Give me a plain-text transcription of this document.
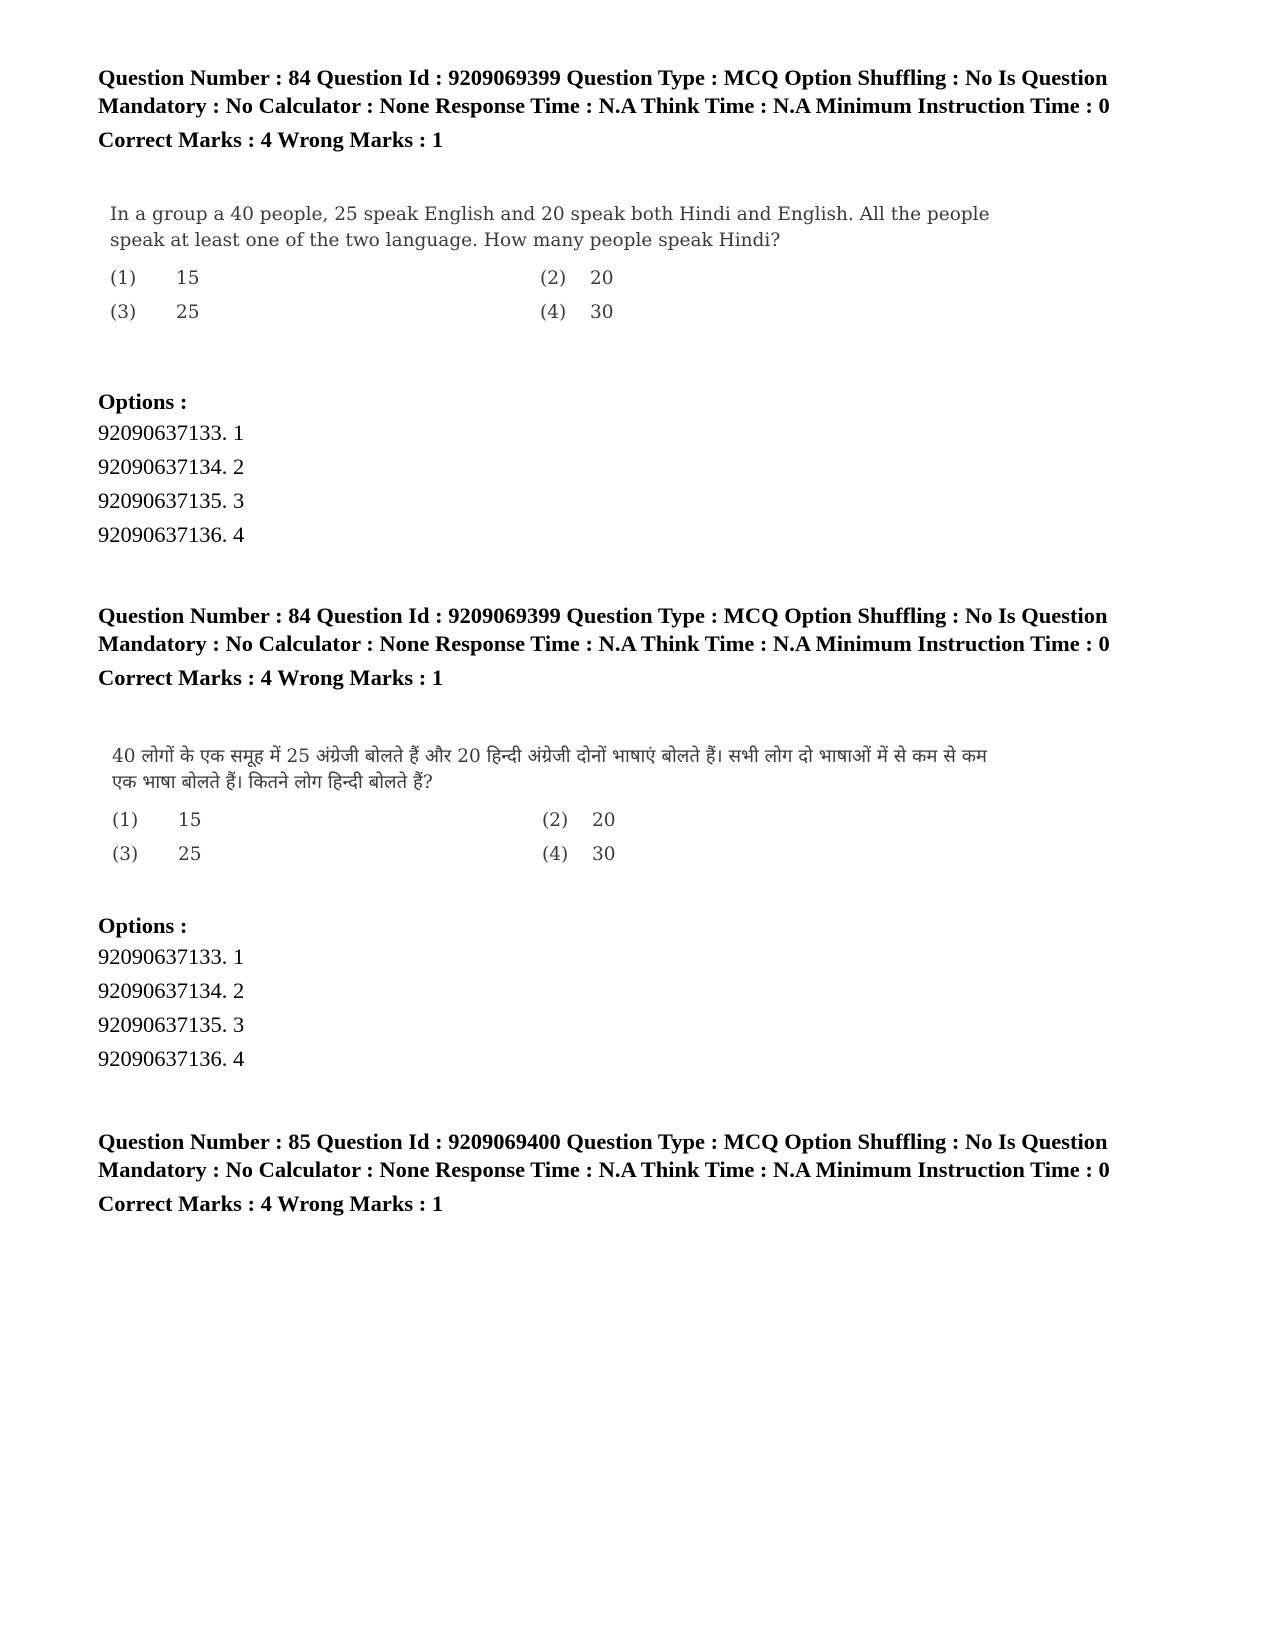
Question Number : 84 Question Id : 9209069399 Question Type : MCQ Option Shuffling : No Is Question Mandatory : No Calculator : None Response Time : N.A Think Time : N.A Minimum Instruction Time : 0

Correct Marks : 4 Wrong Marks : 1

In a group a 40 people, 25 speak English and 20 speak both Hindi and English. All the people speak at least one of the two language. How many people speak Hindi?

(1) 15	(2) 20
(3) 25	(4) 30
Options :
92090637133. 1
92090637134. 2
92090637135. 3
92090637136. 4

Question Number : 84 Question Id : 9209069399 Question Type : MCQ Option Shuffling : No Is Question Mandatory : No Calculator : None Response Time : N.A Think Time : N.A Minimum Instruction Time : 0

Correct Marks : 4 Wrong Marks : 1

40 लोगों के एक समूह में 25 अंग्रेजी बोलते हैं और 20 हिन्दी अंग्रेजी दोनों भाषाएं बोलते हैं। सभी लोग दो भाषाओं में से कम से कम एक भाषा बोलते हैं। कितने लोग हिन्दी बोलते हैं?

(1) 15	(2) 20
(3) 25	(4) 30
Options :
92090637133. 1
92090637134. 2
92090637135. 3
92090637136. 4

Question Number : 85 Question Id : 9209069400 Question Type : MCQ Option Shuffling : No Is Question Mandatory : No Calculator : None Response Time : N.A Think Time : N.A Minimum Instruction Time : 0

Correct Marks : 4 Wrong Marks : 1
